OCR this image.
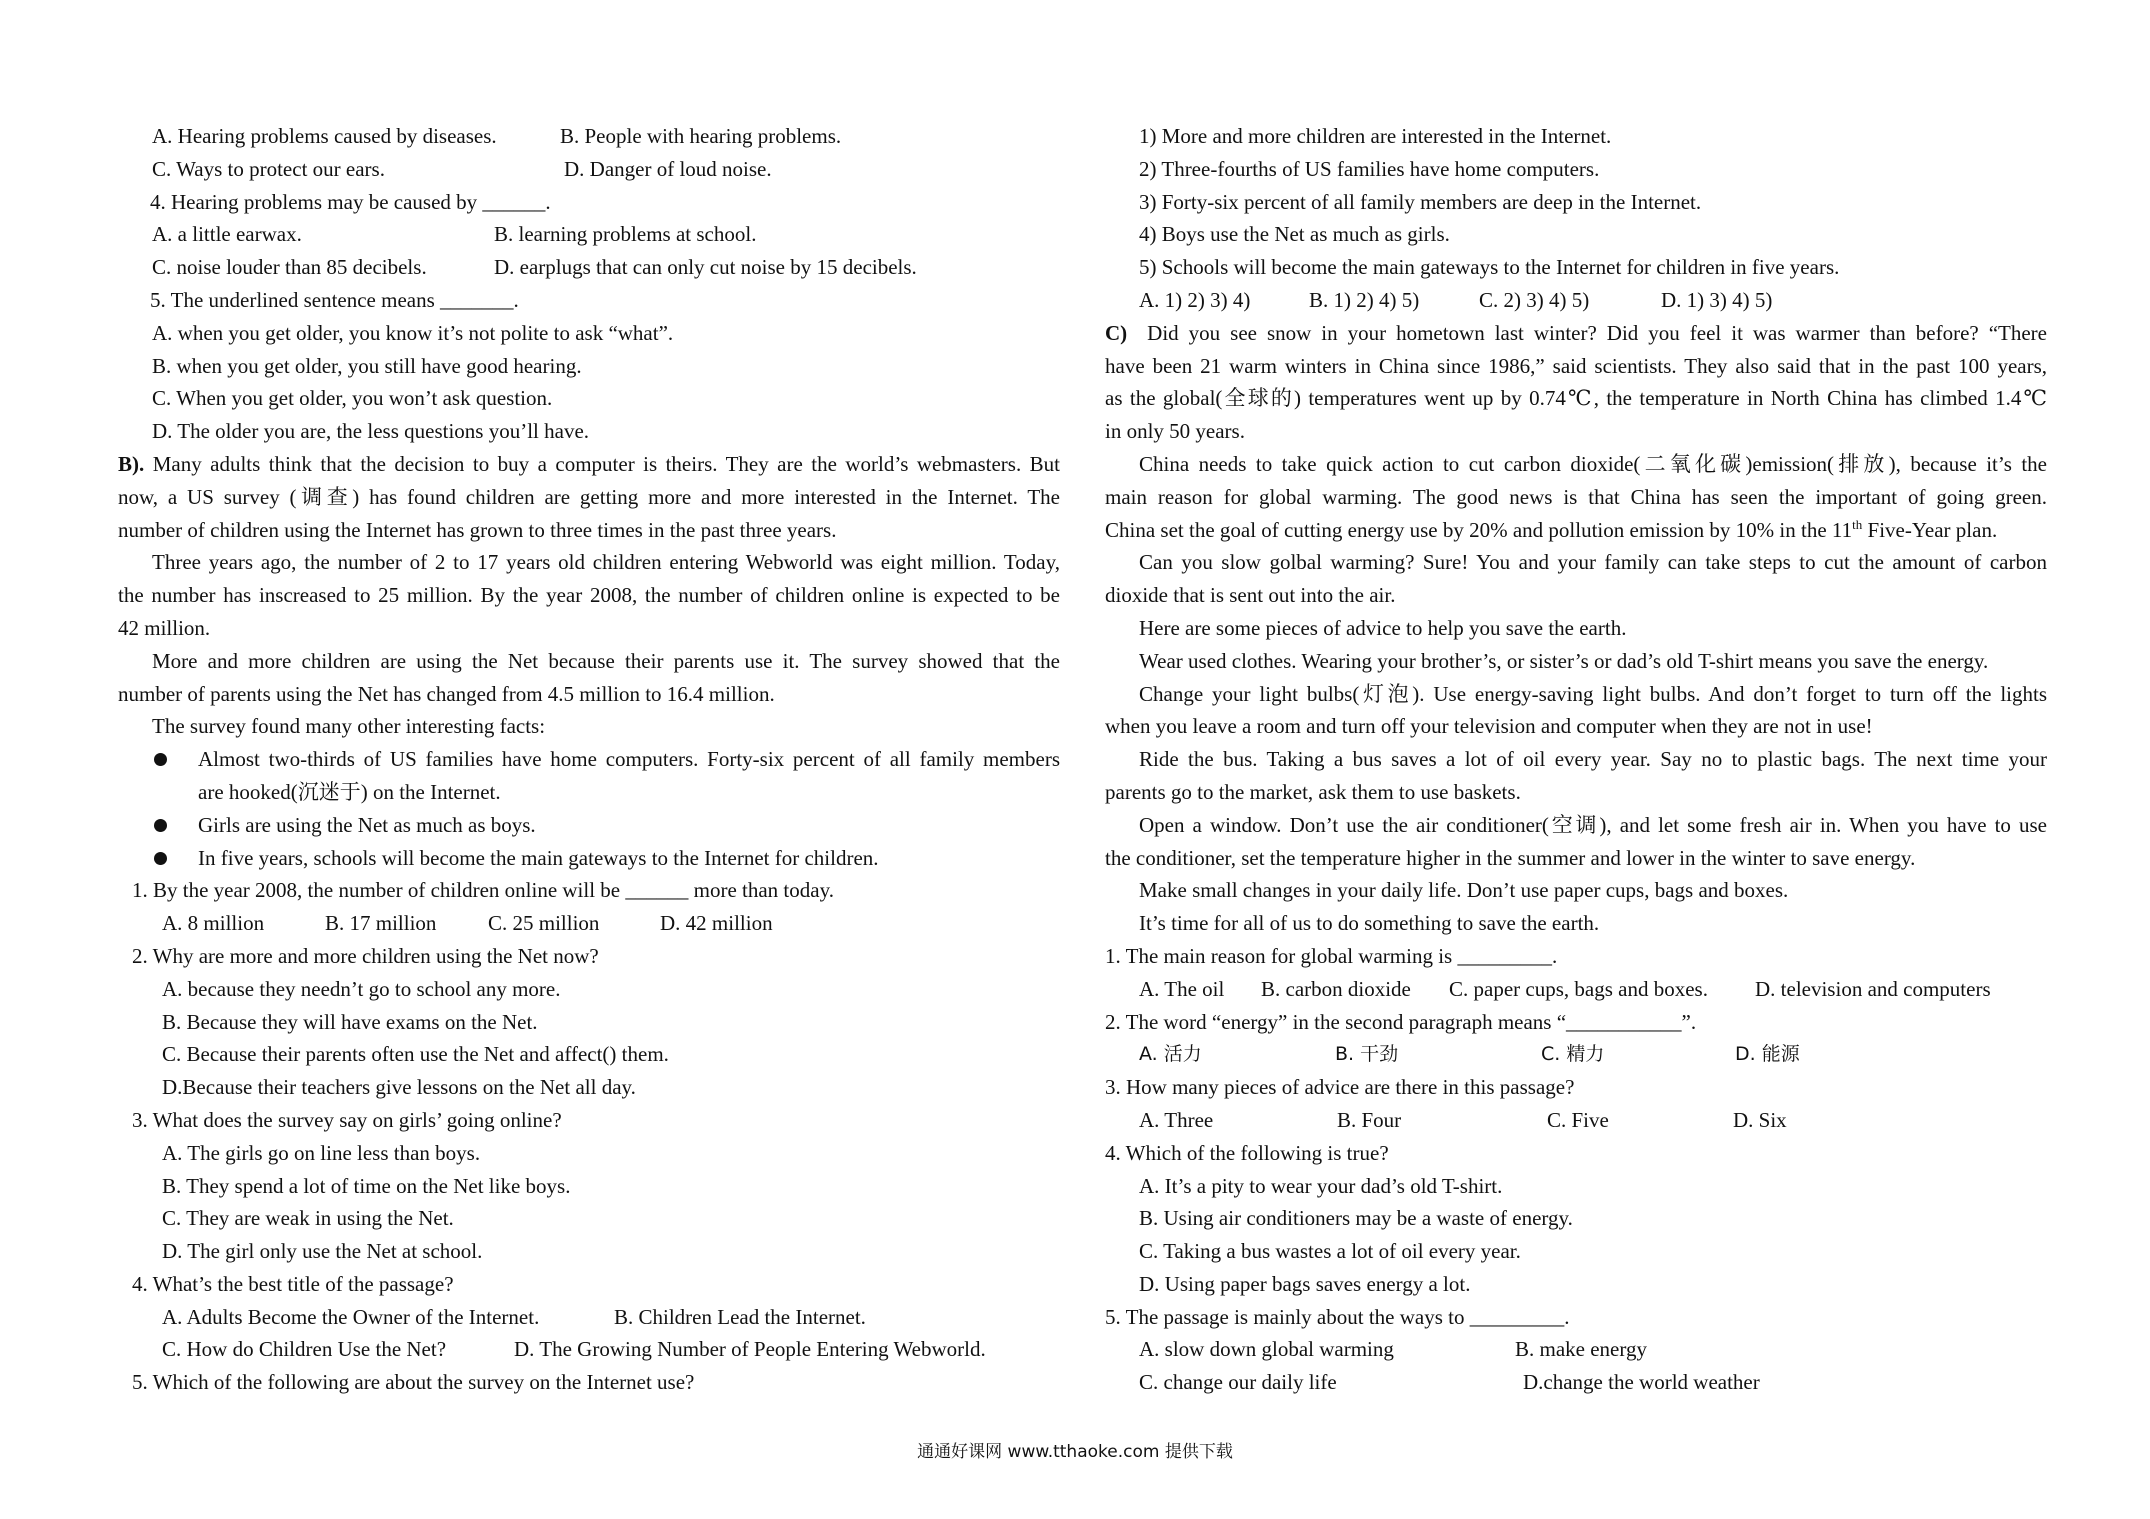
A. Hearing problems caused by diseases.	B. People with hearing problems.
C. Ways to protect our ears.	D. Danger of loud noise.
4. Hearing problems may be caused by ______.
A. a little earwax.	B. learning problems at school.
C. noise louder than 85 decibels.	D. earplugs that can only cut noise by 15 decibels.
5. The underlined sentence means _______.
A. when you get older, you know it’s not polite to ask “what”.
B. when you get older, you still have good hearing.
C. When you get older, you won’t ask question.
D. The older you are, the less questions you’ll have.
B). Many adults think that the decision to buy a computer is theirs. They are the world’s webmasters. But
now, a US survey (调查) has found children are getting more and more interested in the Internet. The
number of children using the Internet has grown to three times in the past three years.
Three years ago, the number of 2 to 17 years old children entering Webworld was eight million. Today,
the number has inscreased to 25 million. By the year 2008, the number of children online is expected to be
42 million.
More and more children are using the Net because their parents use it. The survey showed that the
number of parents using the Net has changed from 4.5 million to 16.4 million.
The survey found many other interesting facts:
Almost two-thirds of US families have home computers. Forty-six percent of all family members
are hooked(沉迷于) on the Internet.
Girls are using the Net as much as boys.
In five years, schools will become the main gateways to the Internet for children.
1. By the year 2008, the number of children online will be ______ more than today.
A. 8 million	B. 17 million C. 25 million	D. 42 million
2. Why are more and more children using the Net now?
A. because they needn’t go to school any more.
B. Because they will have exams on the Net.
C. Because their parents often use the Net and affect() them.
D.Because their teachers give lessons on the Net all day.
3. What does the survey say on girls’ going online?
A. The girls go on line less than boys.
B. They spend a lot of time on the Net like boys.
C. They are weak in using the Net.
D. The girl only use the Net at school.
4. What’s the best title of the passage?
A. Adults Become the Owner of the Internet.	B. Children Lead the Internet.
C. How do Children Use the Net?	D. The Growing Number of People Entering Webworld.
5. Which of the following are about the survey on the Internet use?
1) More and more children are interested in the Internet.
2) Three-fourths of US families have home computers.
3) Forty-six percent of all family members are deep in the Internet.
4) Boys use the Net as much as girls.
5) Schools will become the main gateways to the Internet for children in five years.
A. 1) 2) 3) 4)	B. 1) 2) 4) 5)	C. 2) 3) 4) 5)	D. 1) 3) 4) 5)
C) Did you see snow in your hometown last winter? Did you feel it was warmer than before? “There
have been 21 warm winters in China since 1986,” said scientists. They also said that in the past 100 years,
as the global(全球的) temperatures went up by 0.74℃, the temperature in North China has climbed 1.4℃
in only 50 years.
China needs to take quick action to cut carbon dioxide(二氧化碳)emission(排放), because it’s the
main reason for global warming. The good news is that China has seen the important of going green.
China set the goal of cutting energy use by 20% and pollution emission by 10% in the 11th Five-Year plan.
Can you slow golbal warming? Sure! You and your family can take steps to cut the amount of carbon
dioxide that is sent out into the air.
Here are some pieces of advice to help you save the earth.
Wear used clothes. Wearing your brother’s, or sister’s or dad’s old T-shirt means you save the energy.
Change your light bulbs(灯泡). Use energy-saving light bulbs. And don’t forget to turn off the lights
when you leave a room and turn off your television and computer when they are not in use!
Ride the bus. Taking a bus saves a lot of oil every year. Say no to plastic bags. The next time your
parents go to the market, ask them to use baskets.
Open a window. Don’t use the air conditioner(空调), and let some fresh air in. When you have to use
the conditioner, set the temperature higher in the summer and lower in the winter to save energy.
Make small changes in your daily life. Don’t use paper cups, bags and boxes.
It’s time for all of us to do something to save the earth.
1. The main reason for global warming is _________.
A. The oil B. carbon dioxide C. paper cups, bags and boxes. D. television and computers
2. The word “energy” in the second paragraph means “___________”.
A. 活力	B. 干劲	C. 精力	D. 能源
3. How many pieces of advice are there in this passage?
A. Three	B. Four	C. Five	D. Six
4. Which of the following is true?
A. It’s a pity to wear your dad’s old T-shirt.
B. Using air conditioners may be a waste of energy.
C. Taking a bus wastes a lot of oil every year.
D. Using paper bags saves energy a lot.
5. The passage is mainly about the ways to _________.
A. slow down global warming	B. make energy
C. change our daily life	D.change the world weather
通通好课网 www.tthaoke.com 提供下载
